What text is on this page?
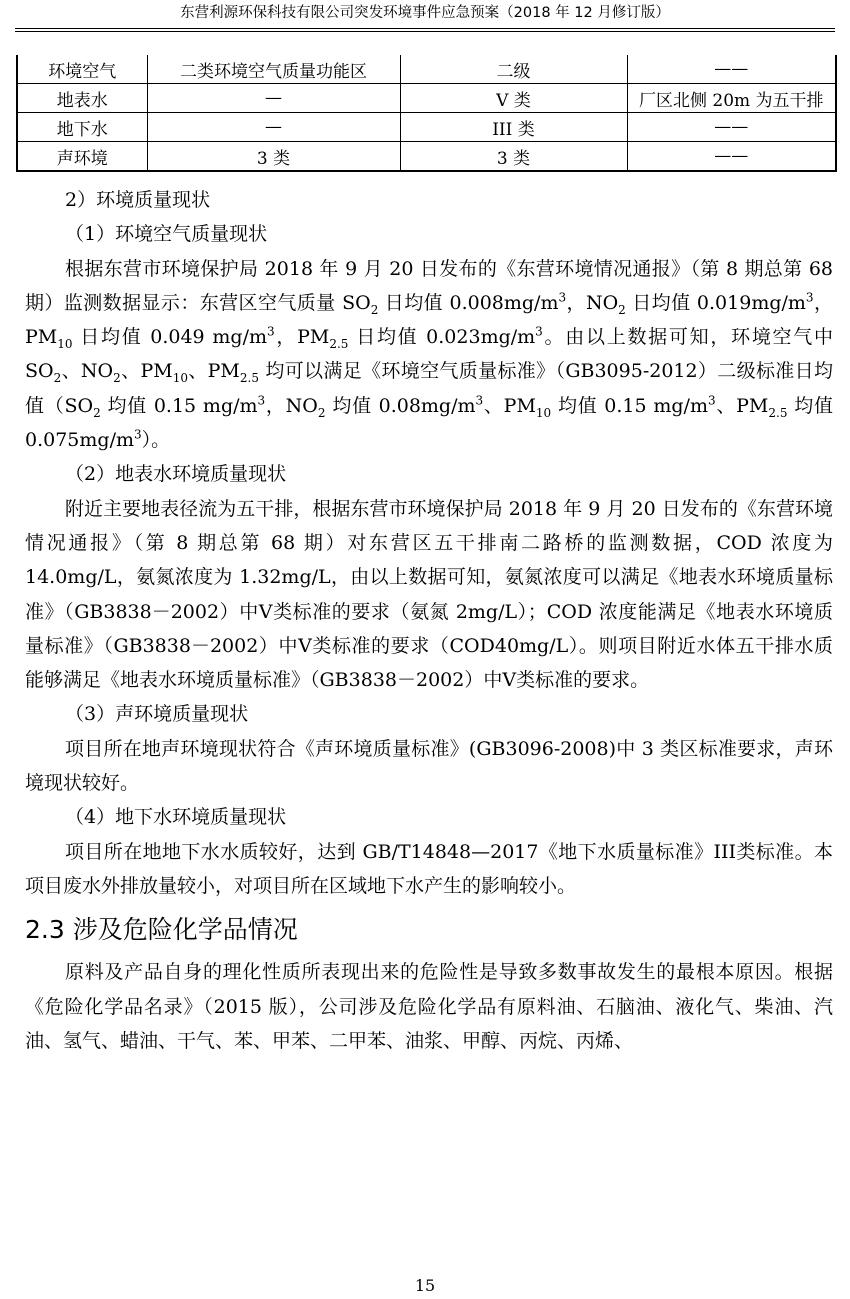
东营利源环保科技有限公司突发环境事件应急预案（2018 年 12 月修订版）
环境空气	二类环境空气质量功能区	二级	——
地表水	—	V 类	厂区北侧 20m 为五干排
地下水	—	III 类	——
声环境	3 类	3 类	——

2）环境质量现状

（1）环境空气质量现状

根据东营市环境保护局 2018 年 9 月 20 日发布的《东营环境情况通报》（第 8 期总第 68 期）监测数据显示：东营区空气质量 $SO_2$ 日均值 $0.008mg/m^3$，$NO_2$ 日均值 $0.019mg/m^3$，$PM_{10}$ 日均值 0.049 $mg/m^3$，$PM_{2.5}$ 日均值 $0.023mg/m^3$。由以上数据可知，环境空气中 $SO_2$、$NO_2$、$PM_{10}$、$PM_{2.5}$ 均可以满足《环境空气质量标准》（GB3095-2012）二级标准日均值（$SO_2$ 均值 0.15 $mg/m^3$，$NO_2$ 均值 $0.08mg/m^3$、$PM_{10}$ 均值 0.15 $mg/m^3$、$PM_{2.5}$ 均值 $0.075mg/m^3$）。

（2）地表水环境质量现状

附近主要地表径流为五干排，根据东营市环境保护局 2018 年 9 月 20 日发布的《东营环境情况通报》（第 8 期总第 68 期）对东营区五干排南二路桥的监测数据，COD 浓度为 14.0mg/L，氨氮浓度为 1.32mg/L，由以上数据可知，氨氮浓度可以满足《地表水环境质量标准》（GB3838－2002）中V类标准的要求（氨氮 2mg/L）；COD 浓度能满足《地表水环境质量标准》（GB3838－2002）中V类标准的要求（COD40mg/L）。则项目附近水体五干排水质能够满足《地表水环境质量标准》（GB3838－2002）中V类标准的要求。

（3）声环境质量现状

项目所在地声环境现状符合《声环境质量标准》(GB3096-2008)中 3 类区标准要求，声环境现状较好。

（4）地下水环境质量现状

项目所在地地下水水质较好，达到 GB/T14848—2017《地下水质量标准》III类标准。本项目废水外排放量较小，对项目所在区域地下水产生的影响较小。

2.3 涉及危险化学品情况

原料及产品自身的理化性质所表现出来的危险性是导致多数事故发生的最根本原因。根据《危险化学品名录》（2015 版），公司涉及危险化学品有原料油、石脑油、液化气、柴油、汽油、氢气、蜡油、干气、苯、甲苯、二甲苯、油浆、甲醇、丙烷、丙烯、

15
